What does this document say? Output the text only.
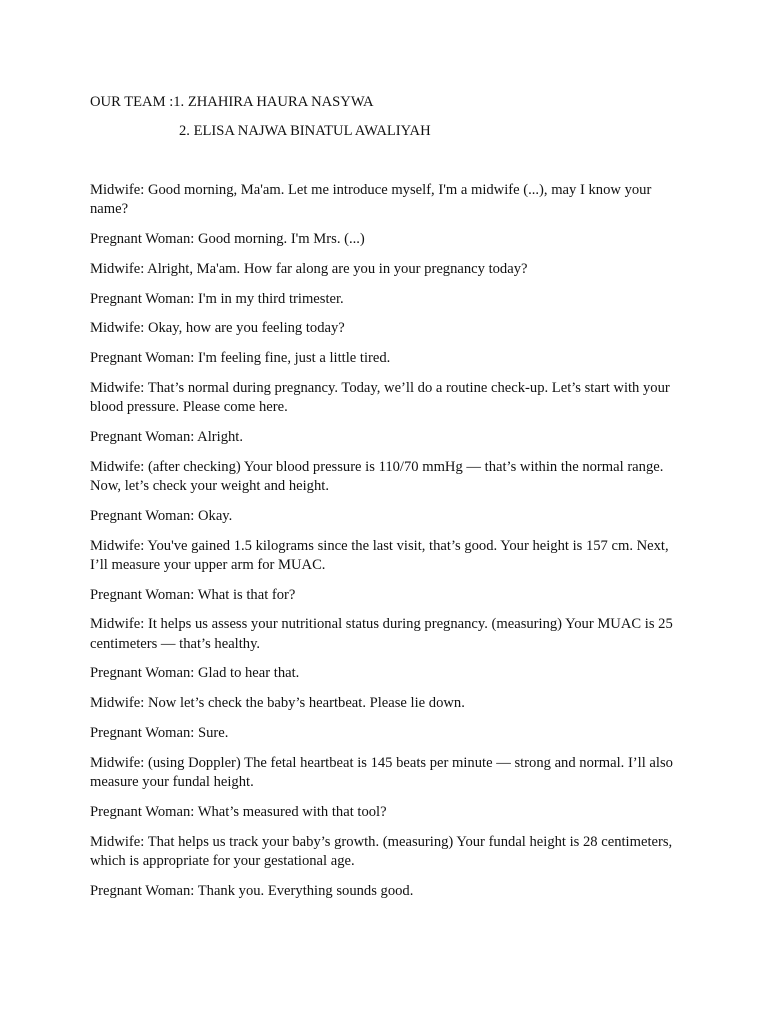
OUR TEAM :1. ZHAHIRA HAURA NASYWA
2. ELISA NAJWA BINATUL AWALIYAH

Midwife: Good morning, Ma'am. Let me introduce myself, I'm a midwife (...), may I know your name?

Pregnant Woman: Good morning. I'm Mrs. (...)

Midwife: Alright, Ma'am. How far along are you in your pregnancy today?

Pregnant Woman: I'm in my third trimester.

Midwife: Okay, how are you feeling today?

Pregnant Woman: I'm feeling fine, just a little tired.

Midwife: That’s normal during pregnancy. Today, we’ll do a routine check-up. Let’s start with your blood pressure. Please come here.

Pregnant Woman: Alright.

Midwife: (after checking) Your blood pressure is 110/70 mmHg — that’s within the normal range. Now, let’s check your weight and height.

Pregnant Woman: Okay.

Midwife: You've gained 1.5 kilograms since the last visit, that’s good. Your height is 157 cm. Next, I’ll measure your upper arm for MUAC.

Pregnant Woman: What is that for?

Midwife: It helps us assess your nutritional status during pregnancy. (measuring) Your MUAC is 25 centimeters — that’s healthy.

Pregnant Woman: Glad to hear that.

Midwife: Now let’s check the baby’s heartbeat. Please lie down.

Pregnant Woman: Sure.

Midwife: (using Doppler) The fetal heartbeat is 145 beats per minute — strong and normal. I’ll also measure your fundal height.

Pregnant Woman: What’s measured with that tool?

Midwife: That helps us track your baby’s growth. (measuring) Your fundal height is 28 centimeters, which is appropriate for your gestational age.

Pregnant Woman: Thank you. Everything sounds good.
